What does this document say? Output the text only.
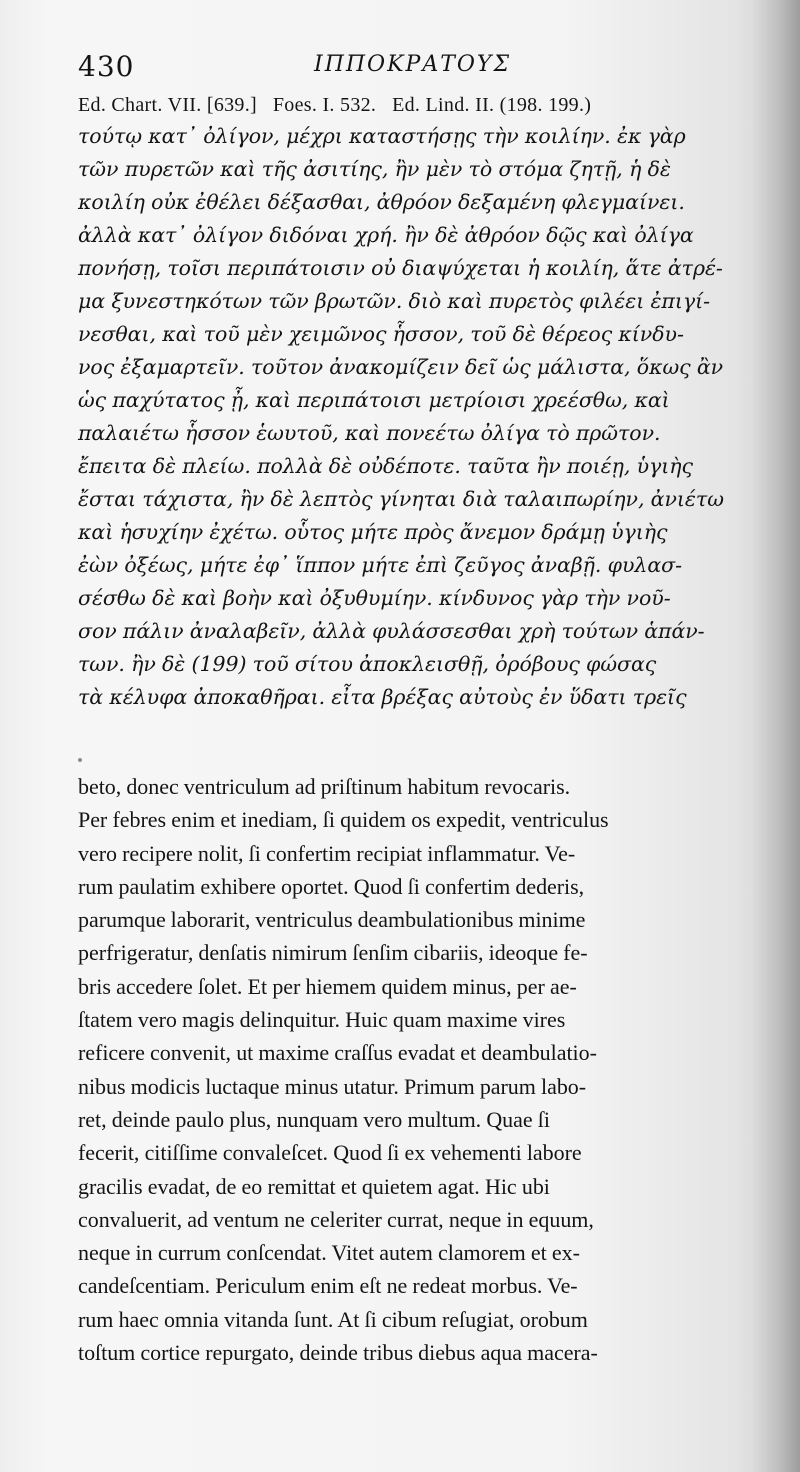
430	ΙΠΠΟΚΡΑΤΟΥΣ
Ed. Chart. VII. [639.]   Foes. I. 532.   Ed. Lind. II. (198. 199.)
τούτῳ κατ᾽ ὀλίγον, μέχρι καταστήσῃς τὴν κοιλίην. ἐκ γὰρ
τῶν πυρετῶν καὶ τῆς ἀσιτίης, ἢν μὲν τὸ στόμα ζητῇ, ἡ δὲ
κοιλίη οὐκ ἐθέλει δέξασθαι, ἀθρόον δεξαμένη φλεγμαίνει.
ἀλλὰ κατ᾽ ὀλίγον διδόναι χρή. ἢν δὲ ἀθρόον δῷς καὶ ὀλίγα
πονήσῃ, τοῖσι περιπάτοισιν οὐ διαψύχεται ἡ κοιλίη, ἅτε ἀτρέ-
μα ξυνεστηκότων τῶν βρωτῶν. διὸ καὶ πυρετὸς φιλέει ἐπιγί-
νεσθαι, καὶ τοῦ μὲν χειμῶνος ἧσσον, τοῦ δὲ θέρεος κίνδυ-
νος ἐξαμαρτεῖν. τοῦτον ἀνακομίζειν δεῖ ὡς μάλιστα, ὅκως ἂν
ὡς παχύτατος ᾖ, καὶ περιπάτοισι μετρίοισι χρεέσθω, καὶ
παλαιέτω ἧσσον ἑωυτοῦ, καὶ πονεέτω ὀλίγα τὸ πρῶτον.
ἔπειτα δὲ πλείω. πολλὰ δὲ οὐδέποτε. ταῦτα ἢν ποιέῃ, ὑγιὴς
ἔσται τάχιστα, ἢν δὲ λεπτὸς γίνηται διὰ ταλαιπωρίην, ἀνιέτω
καὶ ἡσυχίην ἐχέτω. οὗτος μήτε πρὸς ἄνεμον δράμῃ ὑγιὴς
ἐὼν ὀξέως, μήτε ἐφ᾽ ἵππον μήτε ἐπὶ ζεῦγος ἀναβῇ. φυλασ-
σέσθω δὲ καὶ βοὴν καὶ ὀξυθυμίην. κίνδυνος γὰρ τὴν νοῦ-
σον πάλιν ἀναλαβεῖν, ἀλλὰ φυλάσσεσθαι χρὴ τούτων ἁπάν-
των. ἢν δὲ (199) τοῦ σίτου ἀποκλεισθῇ, ὀρόβους φώσας
τὰ κέλυφα ἀποκαθῆραι. εἶτα βρέξας αὐτοὺς ἐν ὕδατι τρεῖς
beto, donec ventriculum ad priſtinum habitum revocaris.
Per febres enim et inediam, ſi quidem os expedit, ventriculus
vero recipere nolit, ſi confertim recipiat inflammatur. Ve-
rum paulatim exhibere oportet. Quod ſi confertim dederis,
parumque laborarit, ventriculus deambulationibus minime
perfrigeratur, denſatis nimirum ſenſim cibariis, ideoque fe-
bris accedere ſolet. Et per hiemem quidem minus, per ae-
ſtatem vero magis delinquitur. Huic quam maxime vires
reficere convenit, ut maxime craſſus evadat et deambulatio-
nibus modicis luctaque minus utatur. Primum parum labo-
ret, deinde paulo plus, nunquam vero multum. Quae ſi
fecerit, citiſſime convaleſcet. Quod ſi ex vehementi labore
gracilis evadat, de eo remittat et quietem agat. Hic ubi
convaluerit, ad ventum ne celeriter currat, neque in equum,
neque in currum conſcendat. Vitet autem clamorem et ex-
candeſcentiam. Periculum enim eſt ne redeat morbus. Ve-
rum haec omnia vitanda ſunt. At ſi cibum reſugiat, orobum
toſtum cortice repurgato, deinde tribus diebus aqua macera-
